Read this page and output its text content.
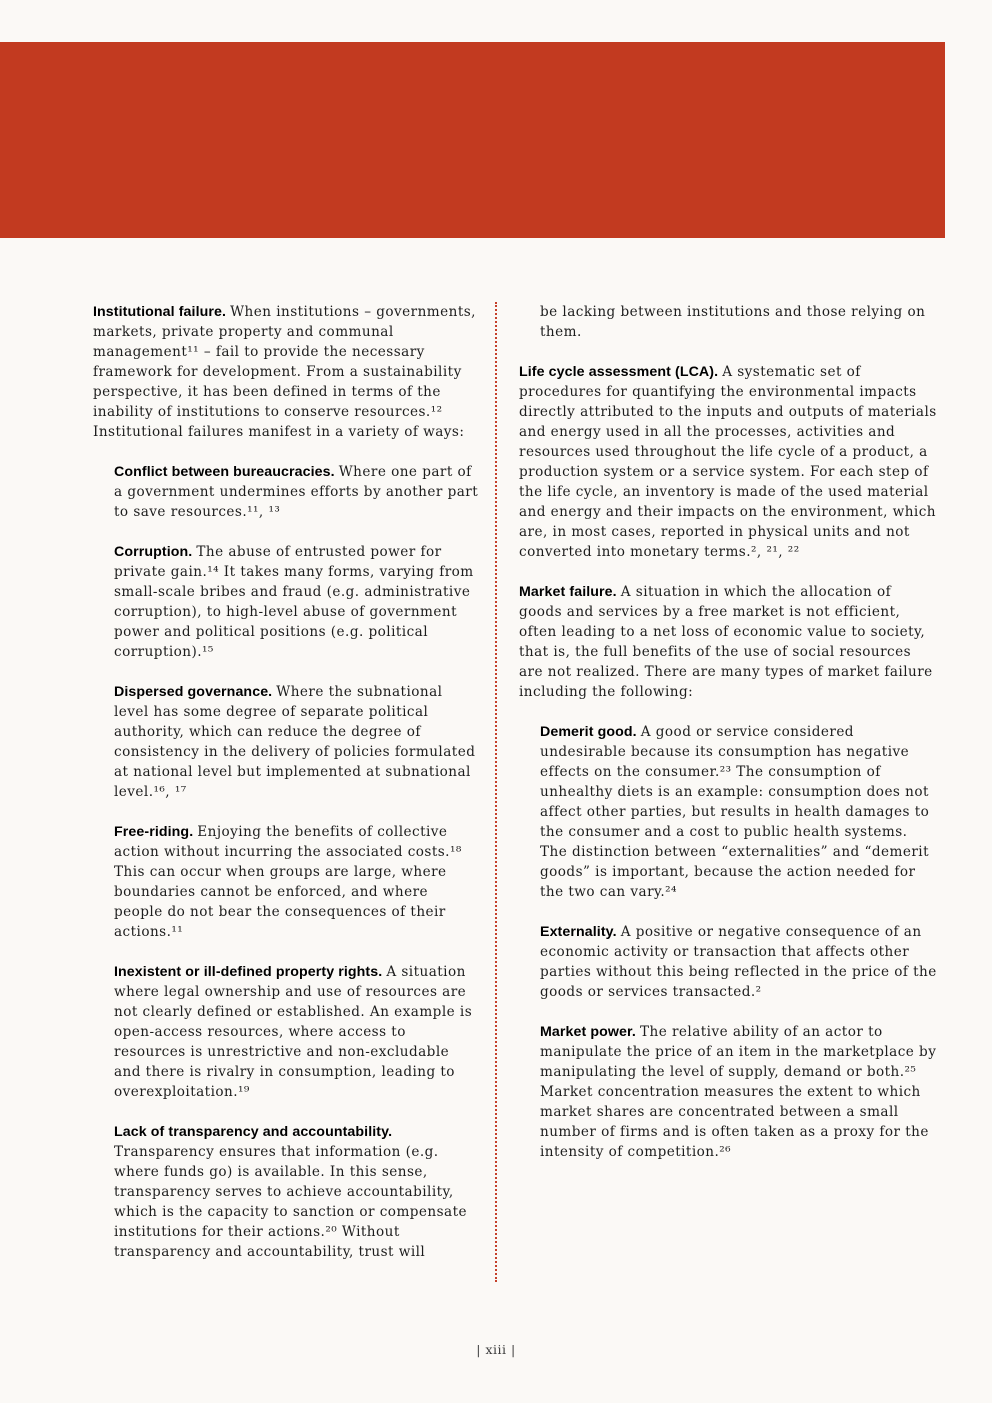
Institutional failure. When institutions – governments, markets, private property and communal management¹¹ – fail to provide the necessary framework for development. From a sustainability perspective, it has been defined in terms of the inability of institutions to conserve resources.¹² Institutional failures manifest in a variety of ways:

Conflict between bureaucracies. Where one part of a government undermines efforts by another part to save resources.¹¹, ¹³

Corruption. The abuse of entrusted power for private gain.¹⁴ It takes many forms, varying from small-scale bribes and fraud (e.g. administrative corruption), to high-level abuse of government power and political positions (e.g. political corruption).¹⁵

Dispersed governance. Where the subnational level has some degree of separate political authority, which can reduce the degree of consistency in the delivery of policies formulated at national level but implemented at subnational level.¹⁶, ¹⁷

Free-riding. Enjoying the benefits of collective action without incurring the associated costs.¹⁸ This can occur when groups are large, where boundaries cannot be enforced, and where people do not bear the consequences of their actions.¹¹

Inexistent or ill-defined property rights. A situation where legal ownership and use of resources are not clearly defined or established. An example is open-access resources, where access to resources is unrestrictive and non-excludable and there is rivalry in consumption, leading to overexploitation.¹⁹

Lack of transparency and accountability. Transparency ensures that information (e.g. where funds go) is available. In this sense, transparency serves to achieve accountability, which is the capacity to sanction or compensate institutions for their actions.²⁰ Without transparency and accountability, trust will

be lacking between institutions and those relying on them.

Life cycle assessment (LCA). A systematic set of procedures for quantifying the environmental impacts directly attributed to the inputs and outputs of materials and energy used in all the processes, activities and resources used throughout the life cycle of a product, a production system or a service system. For each step of the life cycle, an inventory is made of the used material and energy and their impacts on the environment, which are, in most cases, reported in physical units and not converted into monetary terms.², ²¹, ²²

Market failure. A situation in which the allocation of goods and services by a free market is not efficient, often leading to a net loss of economic value to society, that is, the full benefits of the use of social resources are not realized. There are many types of market failure including the following:

Demerit good. A good or service considered undesirable because its consumption has negative effects on the consumer.²³ The consumption of unhealthy diets is an example: consumption does not affect other parties, but results in health damages to the consumer and a cost to public health systems. The distinction between “externalities” and “demerit goods” is important, because the action needed for the two can vary.²⁴

Externality. A positive or negative consequence of an economic activity or transaction that affects other parties without this being reflected in the price of the goods or services transacted.²

Market power. The relative ability of an actor to manipulate the price of an item in the marketplace by manipulating the level of supply, demand or both.²⁵ Market concentration measures the extent to which market shares are concentrated between a small number of firms and is often taken as a proxy for the intensity of competition.²⁶

| xiii |
